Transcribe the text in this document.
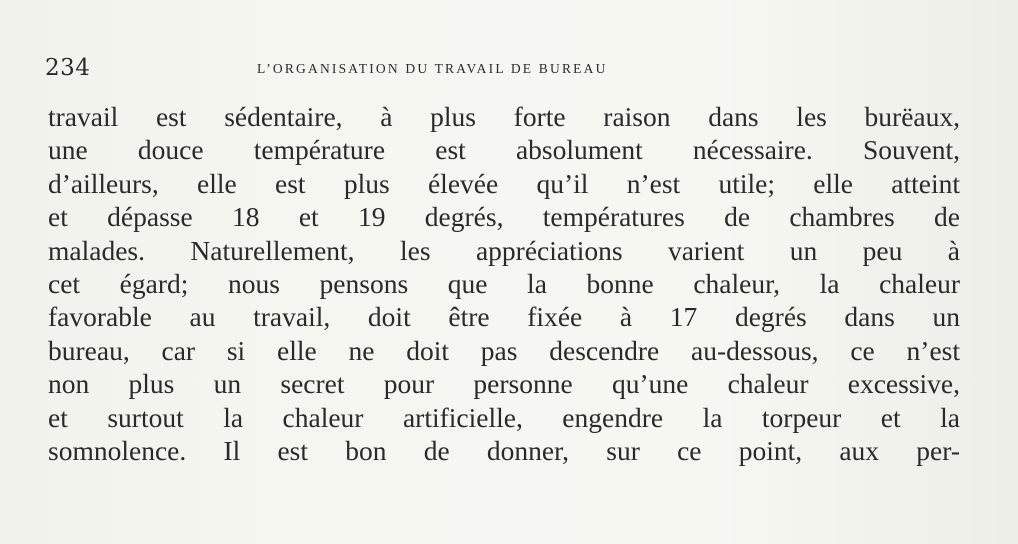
234	L’ORGANISATION DU TRAVAIL DE BUREAU
travail est sédentaire, à plus forte raison dans les burëaux,
une douce température est absolument nécessaire. Souvent,
d’ailleurs, elle est plus élevée qu’il n’est utile; elle atteint
et dépasse 18 et 19 degrés, températures de chambres de
malades. Naturellement, les appréciations varient un peu à
cet égard; nous pensons que la bonne chaleur, la chaleur
favorable au travail, doit être fixée à 17 degrés dans un
bureau, car si elle ne doit pas descendre au-dessous, ce n’est
non plus un secret pour personne qu’une chaleur excessive,
et surtout la chaleur artificielle, engendre la torpeur et la
somnolence. Il est bon de donner, sur ce point, aux per-
